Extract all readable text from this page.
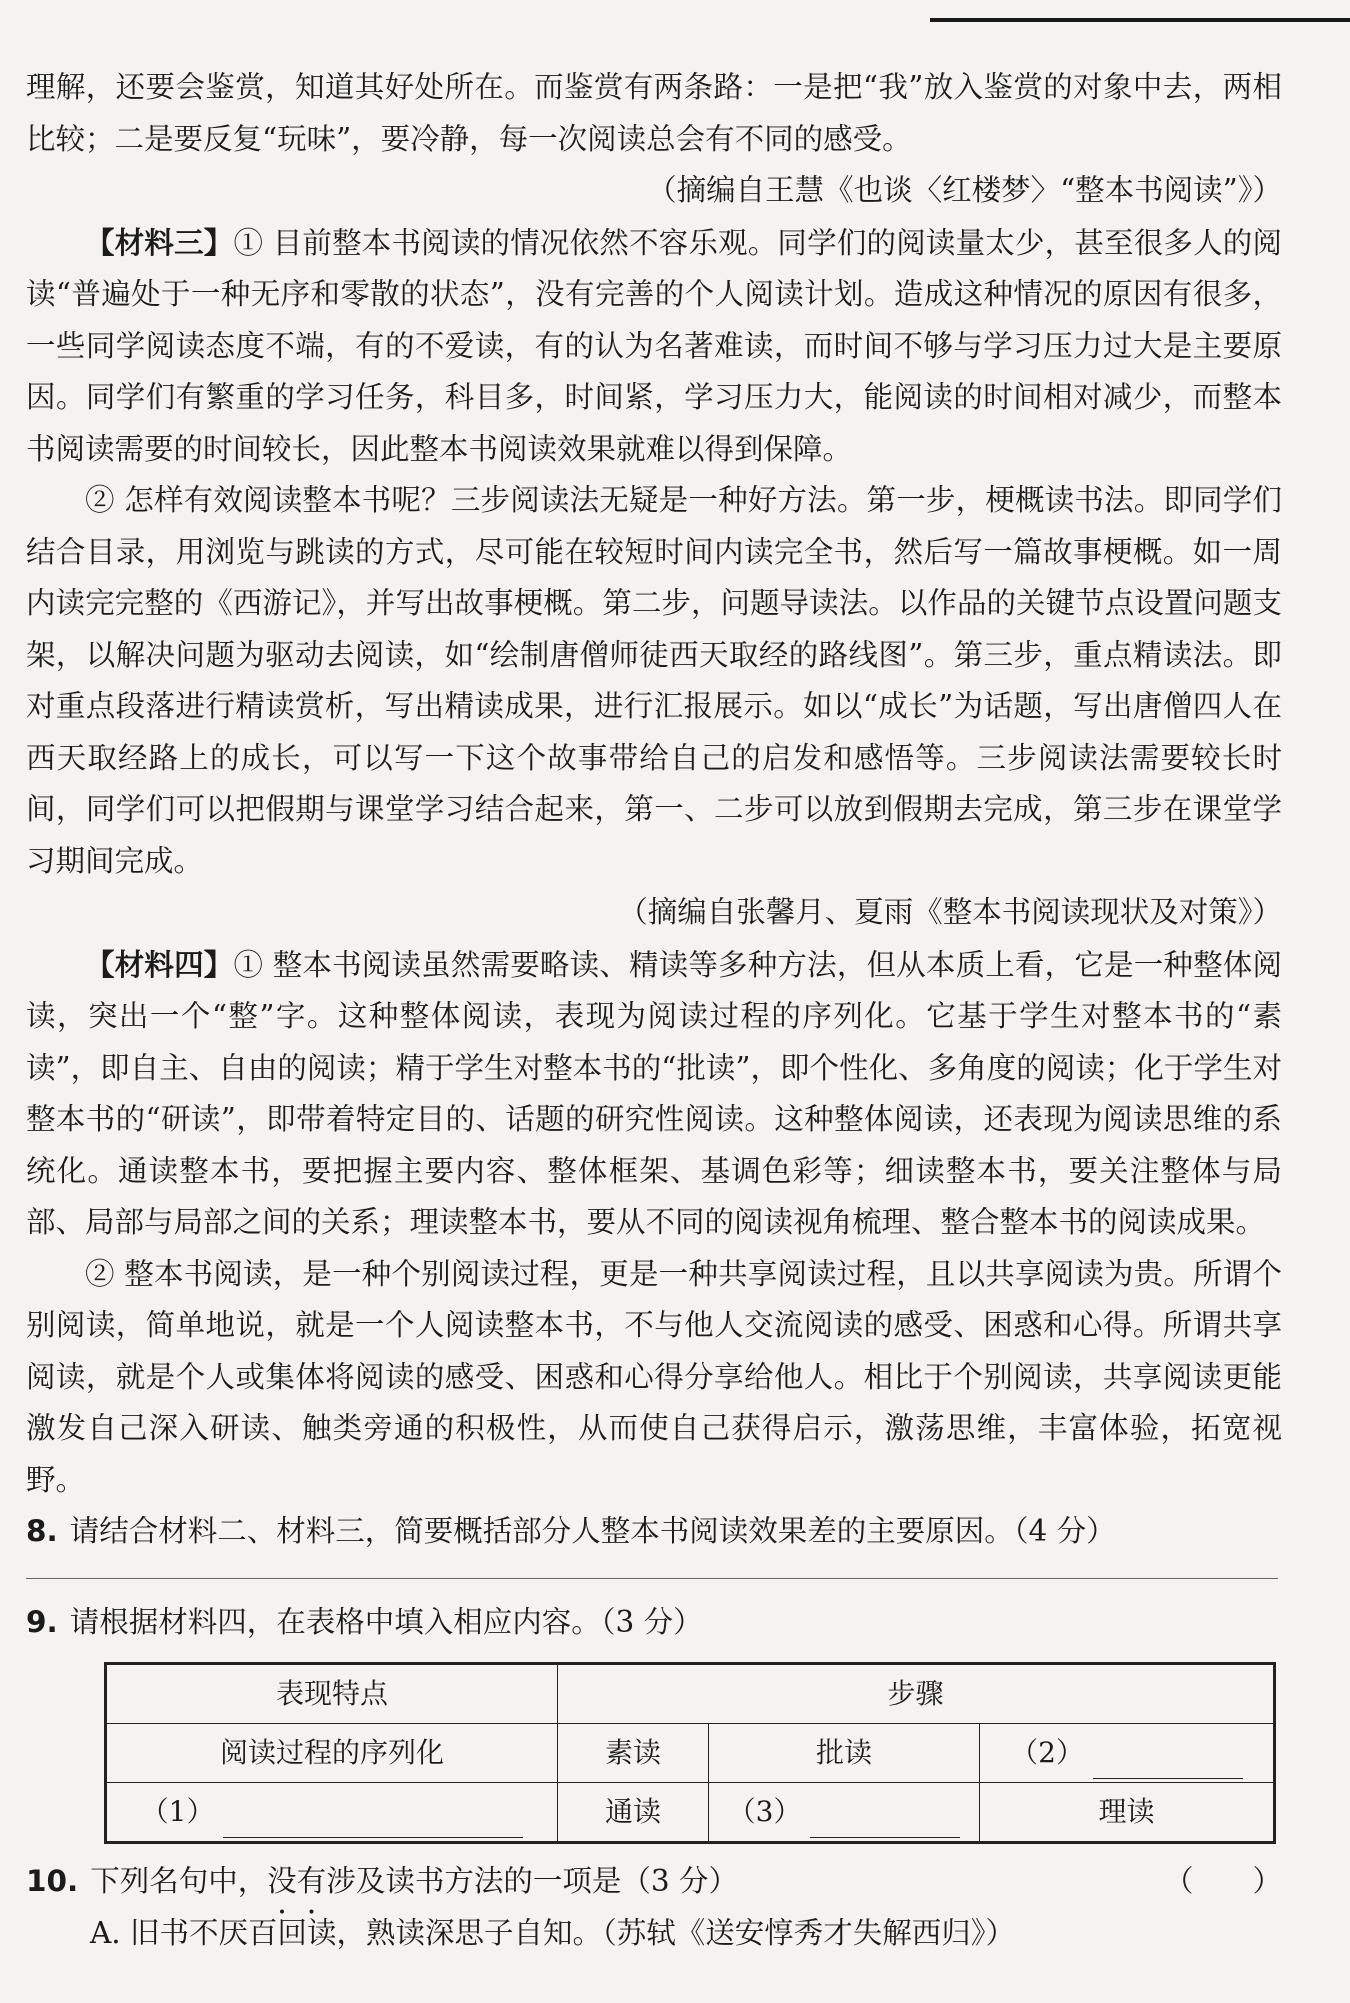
理解，还要会鉴赏，知道其好处所在。而鉴赏有两条路：一是把“我”放入鉴赏的对象中去，两相比较；二是要反复“玩味”，要冷静，每一次阅读总会有不同的感受。

（摘编自王慧《也谈〈红楼梦〉“整本书阅读”》）

【材料三】① 目前整本书阅读的情况依然不容乐观。同学们的阅读量太少，甚至很多人的阅读“普遍处于一种无序和零散的状态”，没有完善的个人阅读计划。造成这种情况的原因有很多，一些同学阅读态度不端，有的不爱读，有的认为名著难读，而时间不够与学习压力过大是主要原因。同学们有繁重的学习任务，科目多，时间紧，学习压力大，能阅读的时间相对减少，而整本书阅读需要的时间较长，因此整本书阅读效果就难以得到保障。

② 怎样有效阅读整本书呢？三步阅读法无疑是一种好方法。第一步，梗概读书法。即同学们结合目录，用浏览与跳读的方式，尽可能在较短时间内读完全书，然后写一篇故事梗概。如一周内读完完整的《西游记》，并写出故事梗概。第二步，问题导读法。以作品的关键节点设置问题支架，以解决问题为驱动去阅读，如“绘制唐僧师徒西天取经的路线图”。第三步，重点精读法。即对重点段落进行精读赏析，写出精读成果，进行汇报展示。如以“成长”为话题，写出唐僧四人在西天取经路上的成长，可以写一下这个故事带给自己的启发和感悟等。三步阅读法需要较长时间，同学们可以把假期与课堂学习结合起来，第一、二步可以放到假期去完成，第三步在课堂学习期间完成。

（摘编自张馨月、夏雨《整本书阅读现状及对策》）

【材料四】① 整本书阅读虽然需要略读、精读等多种方法，但从本质上看，它是一种整体阅读，突出一个“整”字。这种整体阅读，表现为阅读过程的序列化。它基于学生对整本书的“素读”，即自主、自由的阅读；精于学生对整本书的“批读”，即个性化、多角度的阅读；化于学生对整本书的“研读”，即带着特定目的、话题的研究性阅读。这种整体阅读，还表现为阅读思维的系统化。通读整本书，要把握主要内容、整体框架、基调色彩等；细读整本书，要关注整体与局部、局部与局部之间的关系；理读整本书，要从不同的阅读视角梳理、整合整本书的阅读成果。

② 整本书阅读，是一种个别阅读过程，更是一种共享阅读过程，且以共享阅读为贵。所谓个别阅读，简单地说，就是一个人阅读整本书，不与他人交流阅读的感受、困惑和心得。所谓共享阅读，就是个人或集体将阅读的感受、困惑和心得分享给他人。相比于个别阅读，共享阅读更能激发自己深入研读、触类旁通的积极性，从而使自己获得启示，激荡思维，丰富体验，拓宽视野。

8. 请结合材料二、材料三，简要概括部分人整本书阅读效果差的主要原因。（4 分）

9. 请根据材料四，在表格中填入相应内容。（3 分）

表现特点	步骤		
阅读过程的序列化	素读	批读	（2）
（1）	通读	（3）	理读

10. 下列名句中，没有涉及读书方法的一项是（3 分）	（　　）

A. 旧书不厌百回读，熟读深思子自知。（苏轼《送安惇秀才失解西归》）
